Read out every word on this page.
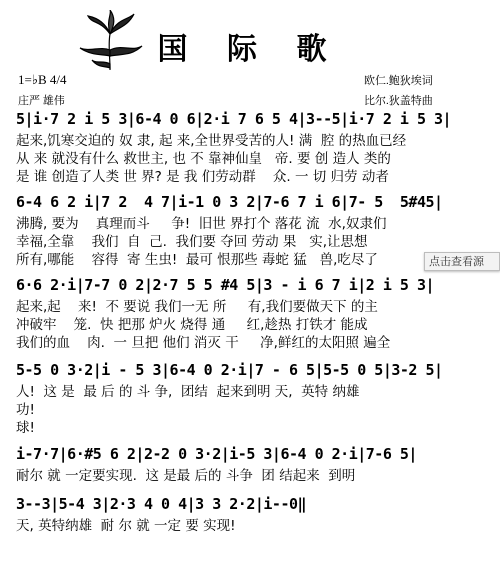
国 际 歌
1=♭B 4/4
庄严 雄伟
欧仁.鲍狄埃词
比尔.狄盖特曲
5|i·7 2 i 5 3|6-4 0 6|2·i 7 6 5 4|3--5|i·7 2 i 5 3|
起来,饥寒交迫的 奴 隶, 起 来,全世界受苦的人! 满  腔 的热血已经
从 来 就没有什么 救世主, 也 不 靠神仙皇   帝. 要 创 造人 类的
是 谁 创造了人类 世 界? 是 我 们劳动群    众. 一 切 归劳 动者
6-4 6 2 i|7 2  4 7|i-1 0 3 2|7-6 7 i 6|7- 5  5#45|
沸腾, 要为    真理而斗     争!  旧世 界打个 落花 流  水,奴隶们
幸福,全靠    我们  自  己.  我们要 夺回 劳动 果   实,让思想
所有,哪能    容得  寄 生虫!  最可 恨那些 毒蛇 猛   兽,吃尽了
6·6 2·i|7-7 0 2|2·7 5 5 #4 5|3 - i 6 7 i|2 i 5 3|
起来,起    来!  不 要说 我们一无 所     有,我们要做天下 的主
冲破牢    笼.  快 把那 炉火 烧得 通     红,趁热 打铁才 能成
我们的血    肉.  一 旦把 他们 消灭 干     净,鲜红的太阳照 遍全
5-5 0 3·2|i - 5 3|6-4 0 2·i|7 - 6 5|5-5 0 5|3-2 5|
人!  这 是  最 后 的 斗 争,  团结  起来到明 天,  英特 纳雄
功!
球!
i-7·7|6·#5 6 2|2-2 0 3·2|i-5 3|6-4 0 2·i|7-6 5|
耐尔 就 一定要实现.  这 是最 后的 斗争  团 结起来  到明
3--3|5-4 3|2·3 4 0 4|3 3 2·2|i--0‖
天, 英特纳雄  耐 尔 就 一定 要 实现!
点击查看源
